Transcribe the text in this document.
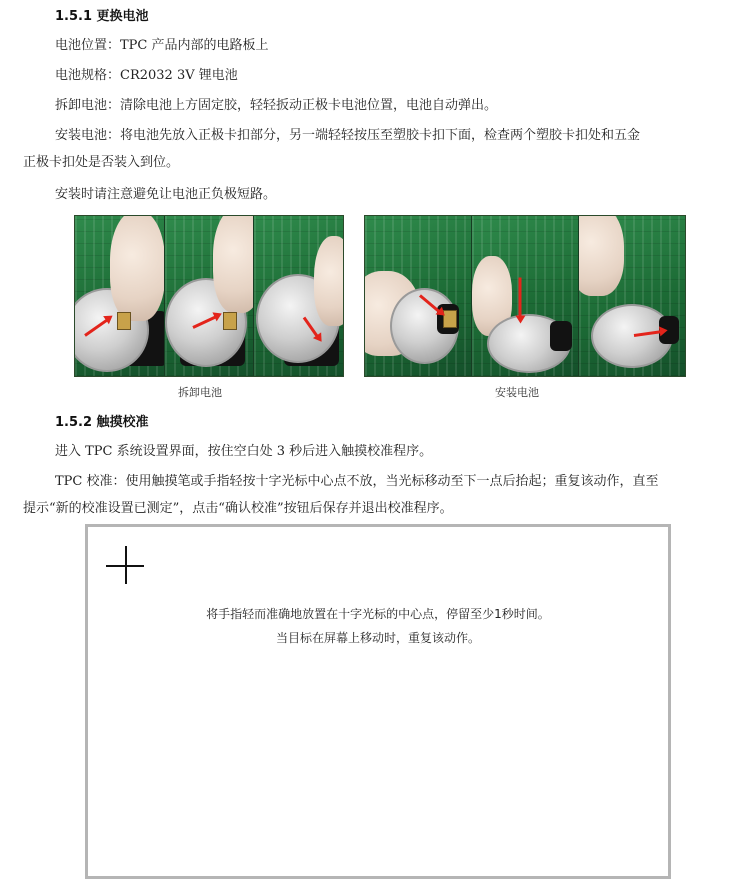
1.5.1 更换电池
电池位置：TPC 产品内部的电路板上
电池规格：CR2032 3V 锂电池
拆卸电池：清除电池上方固定胶，轻轻扳动正极卡电池位置，电池自动弹出。
安装电池：将电池先放入正极卡扣部分，另一端轻轻按压至塑胶卡扣下面，检查两个塑胶卡扣处和五金
正极卡扣处是否装入到位。
安装时请注意避免让电池正负极短路。
拆卸电池	安装电池
1.5.2 触摸校准
进入 TPC 系统设置界面，按住空白处 3 秒后进入触摸校准程序。
TPC 校准：使用触摸笔或手指轻按十字光标中心点不放，当光标移动至下一点后抬起；重复该动作，直至
提示“新的校准设置已测定”，点击“确认校准”按钮后保存并退出校准程序。
将手指轻而准确地放置在十字光标的中心点，停留至少1秒时间。
当目标在屏幕上移动时，重复该动作。
